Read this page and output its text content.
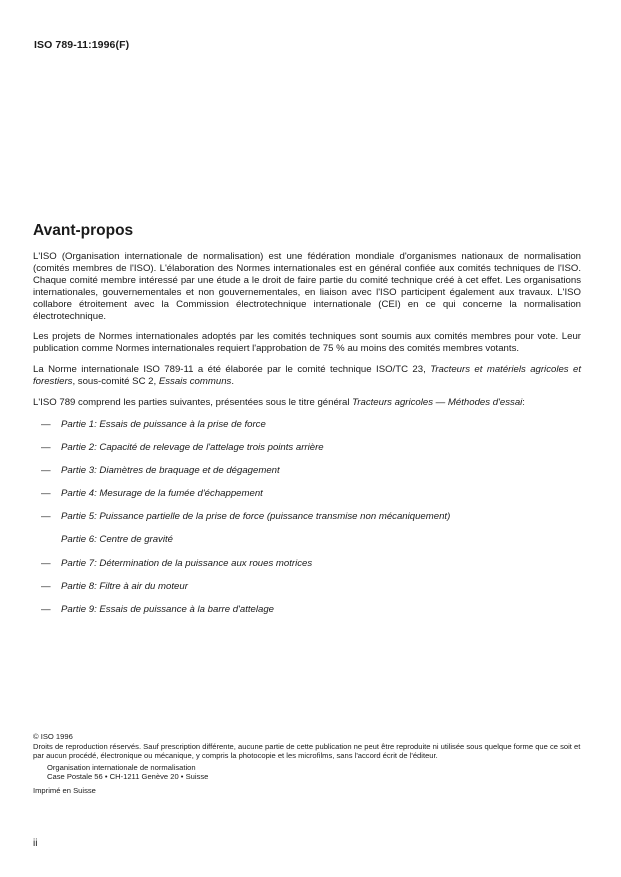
ISO 789-11:1996(F)
Avant-propos

L'ISO (Organisation internationale de normalisation) est une fédération mondiale d'organismes nationaux de normalisation (comités membres de l'ISO). L'élaboration des Normes internationales est en général confiée aux comités techniques de l'ISO. Chaque comité membre intéressé par une étude a le droit de faire partie du comité technique créé à cet effet. Les organisations internationales, gouvernementales et non gouvernementales, en liaison avec l'ISO participent également aux travaux. L'ISO collabore étroitement avec la Commission électrotechnique internationale (CEI) en ce qui concerne la normalisation électrotechnique.

Les projets de Normes internationales adoptés par les comités techniques sont soumis aux comités membres pour vote. Leur publication comme Normes internationales requiert l'approbation de 75 % au moins des comités membres votants.

La Norme internationale ISO 789-11 a été élaborée par le comité technique ISO/TC 23, Tracteurs et matériels agricoles et forestiers, sous-comité SC 2, Essais communs.

L'ISO 789 comprend les parties suivantes, présentées sous le titre général Tracteurs agricoles — Méthodes d'essai:

— Partie 1: Essais de puissance à la prise de force
— Partie 2: Capacité de relevage de l'attelage trois points arrière
— Partie 3: Diamètres de braquage et de dégagement
— Partie 4: Mesurage de la fumée d'échappement
— Partie 5: Puissance partielle de la prise de force (puissance transmise non mécaniquement)
Partie 6: Centre de gravité
— Partie 7: Détermination de la puissance aux roues motrices
— Partie 8: Filtre à air du moteur
— Partie 9: Essais de puissance à la barre d'attelage

© ISO 1996

Droits de reproduction réservés. Sauf prescription différente, aucune partie de cette publication ne peut être reproduite ni utilisée sous quelque forme que ce soit et par aucun procédé, électronique ou mécanique, y compris la photocopie et les microfilms, sans l'accord écrit de l'éditeur.

Organisation internationale de normalisation

Case Postale 56 • CH-1211 Genève 20 • Suisse

Imprimé en Suisse

ii
